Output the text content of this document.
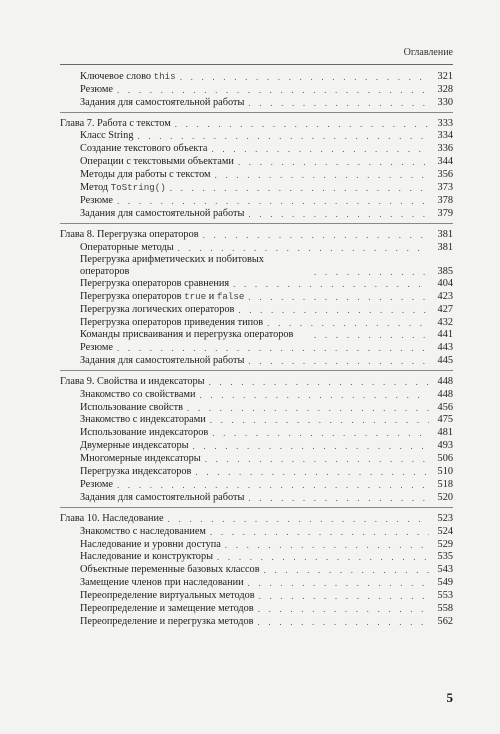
Оглавление
Ключевое слово this . . .	321
Резюме . . .	328
Задания для самостоятельной работы . . .	330
Глава 7. Работа с текстом . . .	333
Класс String . . .	334
Создание текстового объекта . . .	336
Операции с текстовыми объектами . . .	344
Методы для работы с текстом . . .	356
Метод ToString() . . .	373
Резюме . . .	378
Задания для самостоятельной работы . . .	379
Глава 8. Перегрузка операторов . . .	381
Операторные методы . . .	381
Перегрузка арифметических и побитовых операторов . . .	385
Перегрузка операторов сравнения . . .	404
Перегрузка операторов true и false . . .	423
Перегрузка логических операторов . . .	427
Перегрузка операторов приведения типов . . .	432
Команды присваивания и перегрузка операторов . . .	441
Резюме . . .	443
Задания для самостоятельной работы . . .	445
Глава 9. Свойства и индексаторы . . .	448
Знакомство со свойствами . . .	448
Использование свойств . . .	456
Знакомство с индексаторами . . .	475
Использование индексаторов . . .	481
Двумерные индексаторы . . .	493
Многомерные индексаторы . . .	506
Перегрузка индексаторов . . .	510
Резюме . . .	518
Задания для самостоятельной работы . . .	520
Глава 10. Наследование . . .	523
Знакомство с наследованием . . .	524
Наследование и уровни доступа . . .	529
Наследование и конструкторы . . .	535
Объектные переменные базовых классов . . .	543
Замещение членов при наследовании . . .	549
Переопределение виртуальных методов . . .	553
Переопределение и замещение методов . . .	558
Переопределение и перегрузка методов . . .	562
5
